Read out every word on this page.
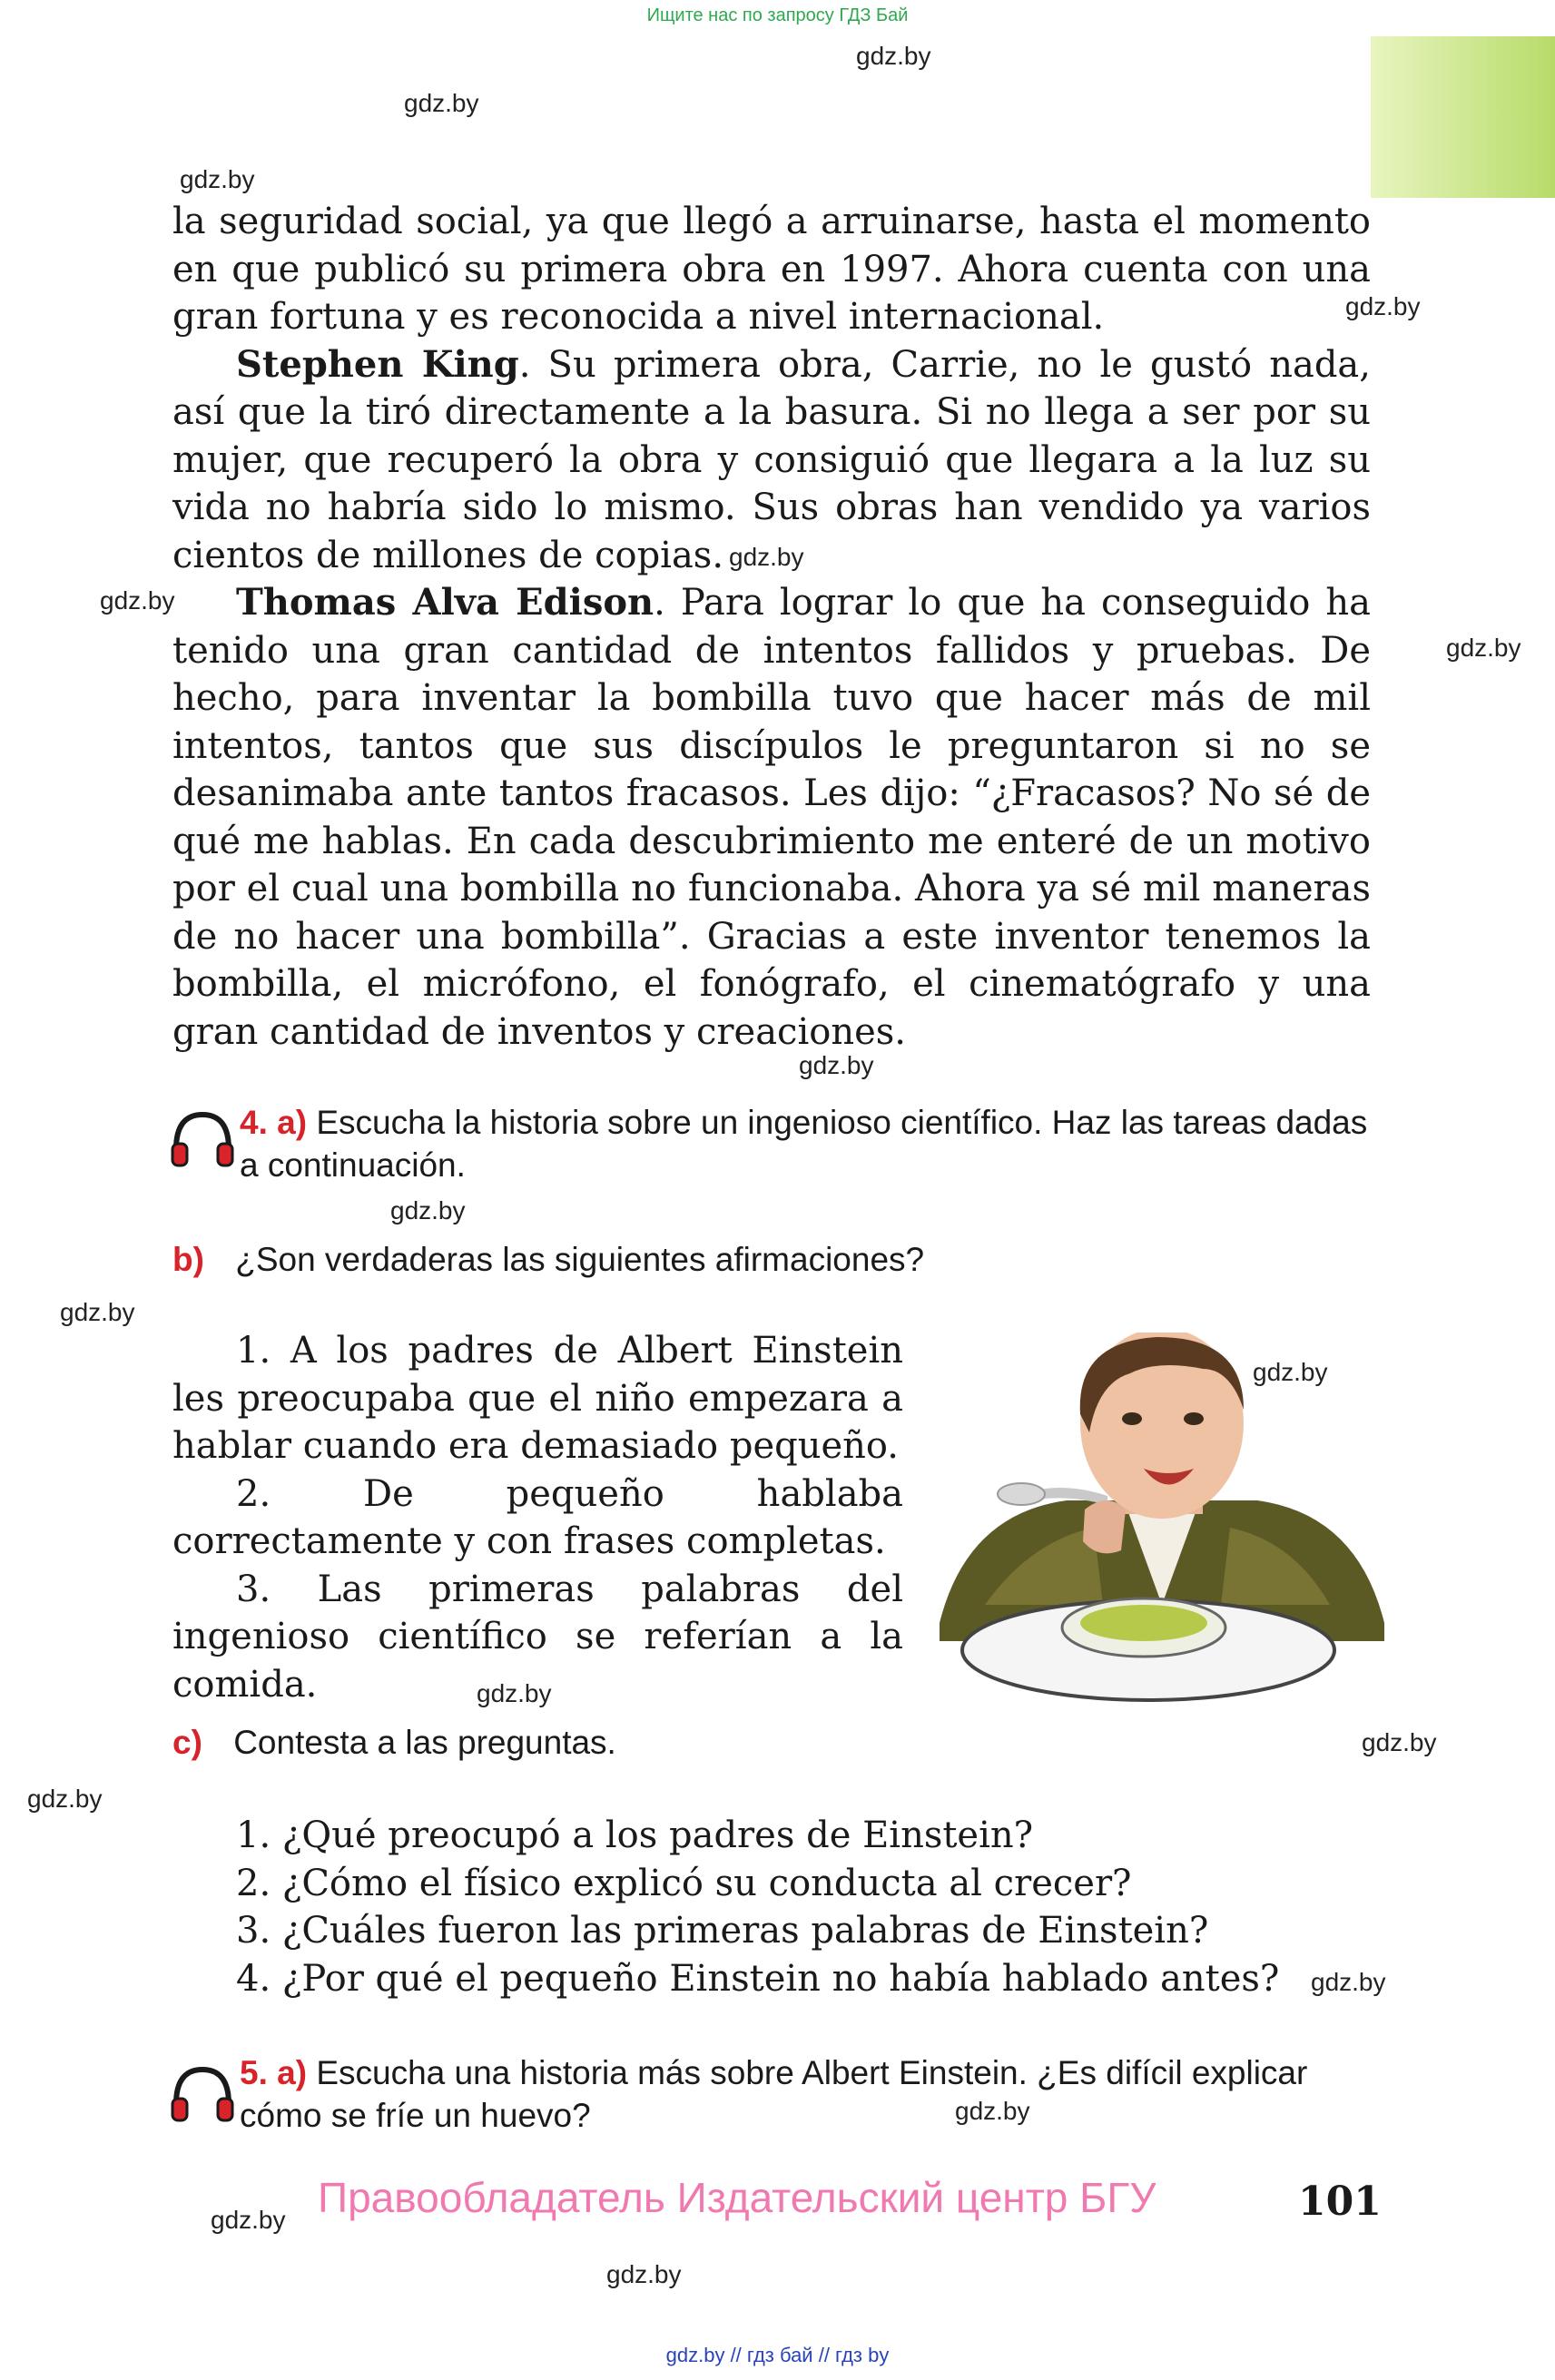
Ищите нас по запросу ГДЗ Бай
gdz.by
gdz.by
gdz.by
gdz.by
gdz.by
gdz.by
gdz.by
gdz.by
gdz.by
gdz.by
gdz.by
gdz.by
gdz.by
gdz.by
gdz.by
gdz.by
gdz.by
gdz.by

la seguridad social, ya que llegó a arruinarse, hasta el momento en que publicó su primera obra en 1997. Ahora cuenta con una gran fortuna y es reconocida a nivel internacional.

Stephen King. Su primera obra, Carrie, no le gustó nada, así que la tiró directamente a la basura. Si no llega a ser por su mujer, que recuperó la obra y consiguió que llegara a la luz su vida no habría sido lo mismo. Sus obras han vendido ya varios cientos de millones de copias.

Thomas Alva Edison. Para lograr lo que ha conseguido ha tenido una gran cantidad de intentos fallidos y pruebas. De hecho, para inventar la bombilla tuvo que hacer más de mil intentos, tantos que sus discípulos le preguntaron si no se desanimaba ante tantos fracasos. Les dijo: “¿Fracasos? No sé de qué me hablas. En cada descubrimiento me enteré de un motivo por el cual una bombilla no funcionaba. Ahora ya sé mil maneras de no hacer una bombilla”. Gracias a este inventor tenemos la bombilla, el micrófono, el fonógrafo, el cinematógrafo y una gran cantidad de inventos y creaciones.

4. a) Escucha la historia sobre un ingenioso científico. Haz las tareas dadas a continuación.
b) ¿Son verdaderas las siguientes afirmaciones?

1. A los padres de Albert Einstein les preocupaba que el niño empezara a hablar cuando era demasiado pequeño.

2. De pequeño hablaba correctamente y con frases completas.

3. Las primeras palabras del ingenioso científico se referían a la comida.

c) Contesta a las preguntas.
1. ¿Qué preocupó a los padres de Einstein?
2. ¿Cómo el físico explicó su conducta al crecer?
3. ¿Cuáles fueron las primeras palabras de Einstein?
4. ¿Por qué el pequeño Einstein no había hablado antes?
5. a) Escucha una historia más sobre Albert Einstein. ¿Es difícil explicar cómo se fríe un huevo?
Правообладатель Издательский центр БГУ	101
gdz.by // гдз бай // гдз by
